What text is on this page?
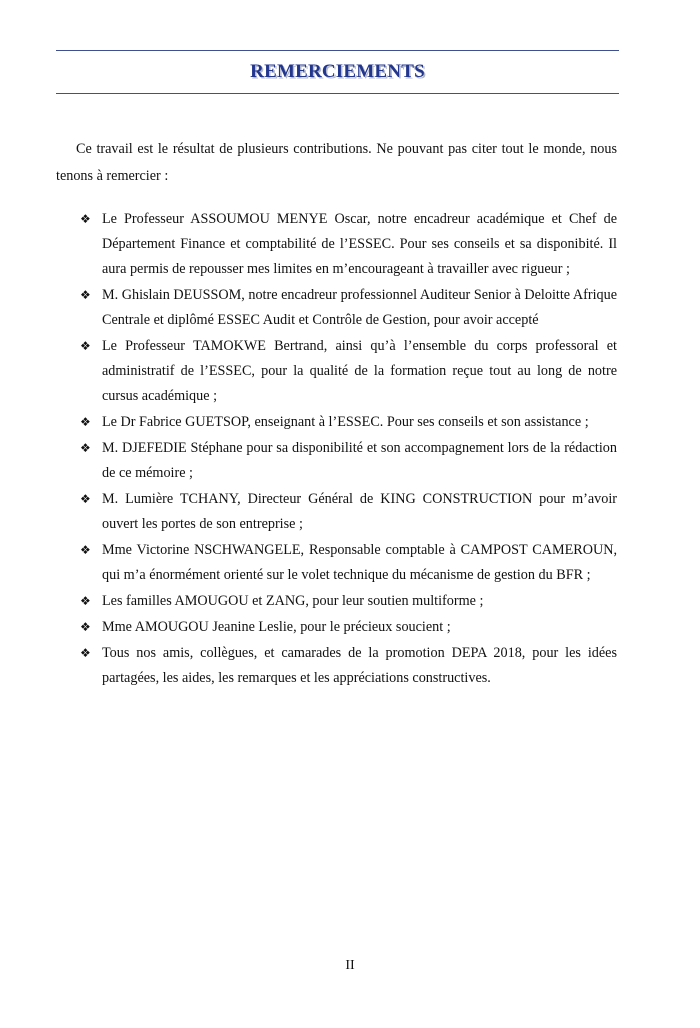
REMERCIEMENTS

Ce travail est le résultat de plusieurs contributions. Ne pouvant pas citer tout le monde, nous tenons à remercier :

❖ Le Professeur ASSOUMOU MENYE Oscar, notre encadreur académique et Chef de Département Finance et comptabilité de l’ESSEC. Pour ses conseils et sa disponibité. Il aura permis de repousser mes limites en m’encourageant à travailler avec rigueur ;
❖ M. Ghislain DEUSSOM, notre encadreur professionnel Auditeur Senior à Deloitte Afrique Centrale et diplômé ESSEC Audit et Contrôle de Gestion, pour avoir accepté
❖ Le Professeur TAMOKWE Bertrand, ainsi qu’à l’ensemble du corps professoral et administratif de l’ESSEC, pour la qualité de la formation reçue tout au long de notre cursus académique ;
❖ Le Dr Fabrice GUETSOP, enseignant à l’ESSEC. Pour ses conseils et son assistance ;
❖ M. DJEFEDIE Stéphane pour sa disponibilité et son accompagnement lors de la rédaction de ce mémoire ;
❖ M. Lumière TCHANY, Directeur Général de KING CONSTRUCTION pour m’avoir ouvert les portes de son entreprise ;
❖ Mme Victorine NSCHWANGELE, Responsable comptable à CAMPOST CAMEROUN, qui m’a énormément orienté sur le volet technique du mécanisme de gestion du BFR ;
❖ Les familles AMOUGOU et ZANG, pour leur soutien multiforme ;
❖ Mme AMOUGOU Jeanine Leslie, pour le précieux soucient ;
❖ Tous nos amis, collègues, et camarades de la promotion DEPA 2018, pour les idées partagées, les aides, les remarques et les appréciations constructives.
II
